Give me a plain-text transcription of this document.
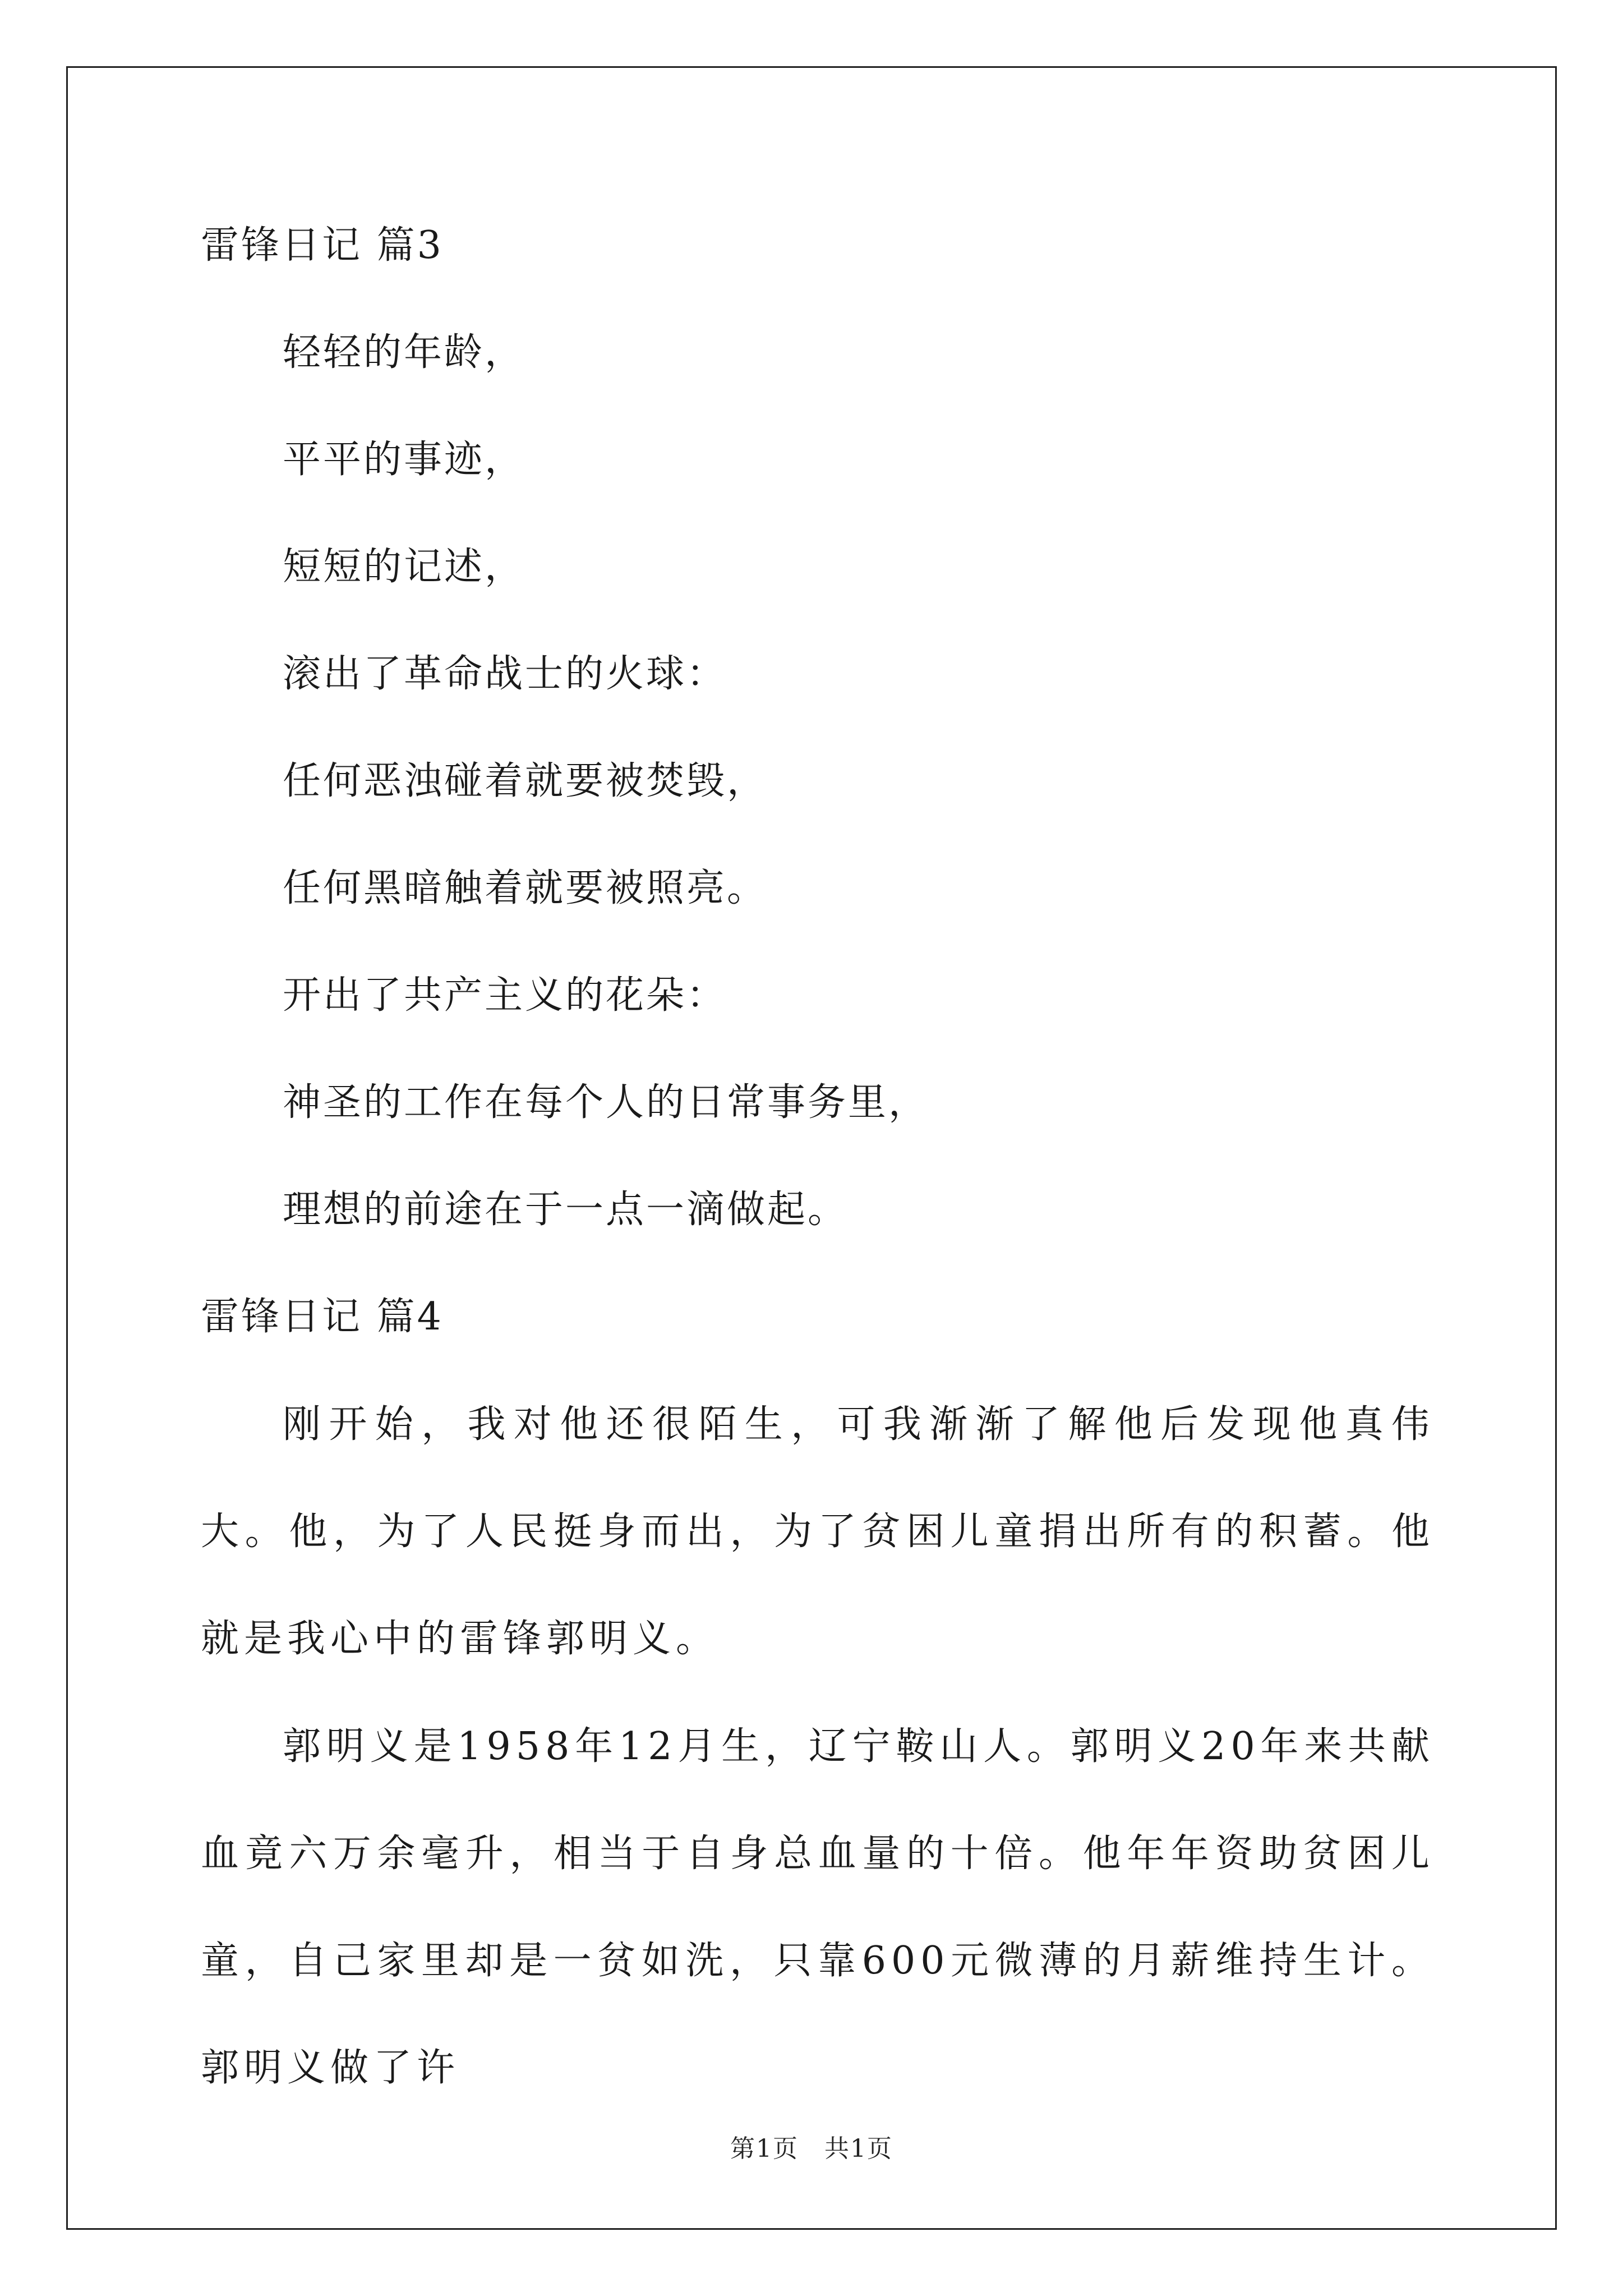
雷锋日记 篇3
轻轻的年龄，
平平的事迹，
短短的记述，
滚出了革命战士的火球：
任何恶浊碰着就要被焚毁，
任何黑暗触着就要被照亮。
开出了共产主义的花朵：
神圣的工作在每个人的日常事务里，
理想的前途在于一点一滴做起。
雷锋日记 篇4

刚开始，我对他还很陌生，可我渐渐了解他后发现他真伟大。他，为了人民挺身而出，为了贫困儿童捐出所有的积蓄。他就是我心中的雷锋郭明义。

郭明义是1958年12月生，辽宁鞍山人。郭明义20年来共献血竟六万余毫升，相当于自身总血量的十倍。他年年资助贫困儿童，自己家里却是一贫如洗，只靠600元微薄的月薪维持生计。郭明义做了许

第1页　共1页
